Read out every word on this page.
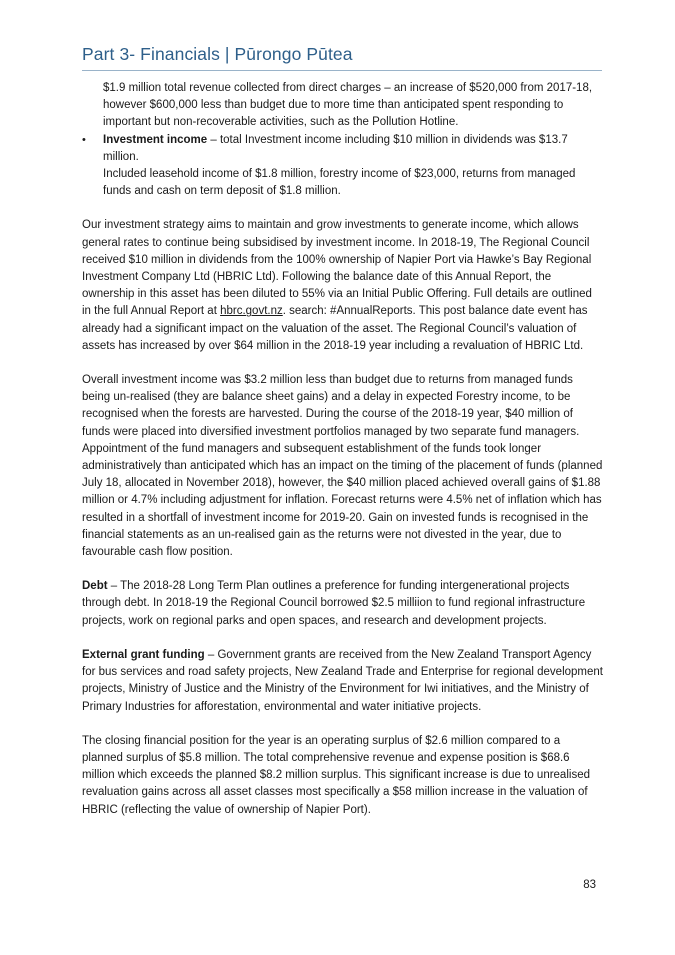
Part 3- Financials | Pūrongo Pūtea

$1.9 million total revenue collected from direct charges – an increase of $520,000 from 2017-18, however $600,000 less than budget due to more time than anticipated spent responding to important but non-recoverable activities, such as the Pollution Hotline.

• Investment income – total Investment income including $10 million in dividends was $13.7 million.

Included leasehold income of $1.8 million, forestry income of $23,000, returns from managed funds and cash on term deposit of $1.8 million.

Our investment strategy aims to maintain and grow investments to generate income, which allows general rates to continue being subsidised by investment income. In 2018-19, The Regional Council received $10 million in dividends from the 100% ownership of Napier Port via Hawke’s Bay Regional Investment Company Ltd (HBRIC Ltd). Following the balance date of this Annual Report, the ownership in this asset has been diluted to 55% via an Initial Public Offering. Full details are outlined in the full Annual Report at hbrc.govt.nz. search: #AnnualReports. This post balance date event has already had a significant impact on the valuation of the asset. The Regional Council’s valuation of assets has increased by over $64 million in the 2018-19 year including a revaluation of HBRIC Ltd.

Overall investment income was $3.2 million less than budget due to returns from managed funds being un-realised (they are balance sheet gains) and a delay in expected Forestry income, to be recognised when the forests are harvested. During the course of the 2018-19 year, $40 million of funds were placed into diversified investment portfolios managed by two separate fund managers. Appointment of the fund managers and subsequent establishment of the funds took longer administratively than anticipated which has an impact on the timing of the placement of funds (planned July 18, allocated in November 2018), however, the $40 million placed achieved overall gains of $1.88 million or 4.7% including adjustment for inflation. Forecast returns were 4.5% net of inflation which has resulted in a shortfall of investment income for 2019-20. Gain on invested funds is recognised in the financial statements as an un-realised gain as the returns were not divested in the year, due to favourable cash flow position.

Debt – The 2018-28 Long Term Plan outlines a preference for funding intergenerational projects through debt. In 2018-19 the Regional Council borrowed $2.5 milliion to fund regional infrastructure projects, work on regional parks and open spaces, and research and development projects.

External grant funding – Government grants are received from the New Zealand Transport Agency for bus services and road safety projects, New Zealand Trade and Enterprise for regional development projects, Ministry of Justice and the Ministry of the Environment for Iwi initiatives, and the Ministry of Primary Industries for afforestation, environmental and water initiative projects.

The closing financial position for the year is an operating surplus of $2.6 million compared to a planned surplus of $5.8 million. The total comprehensive revenue and expense position is $68.6 million which exceeds the planned $8.2 million surplus. This significant increase is due to unrealised revaluation gains across all asset classes most specifically a $58 million increase in the valuation of HBRIC (reflecting the value of ownership of Napier Port).

83
